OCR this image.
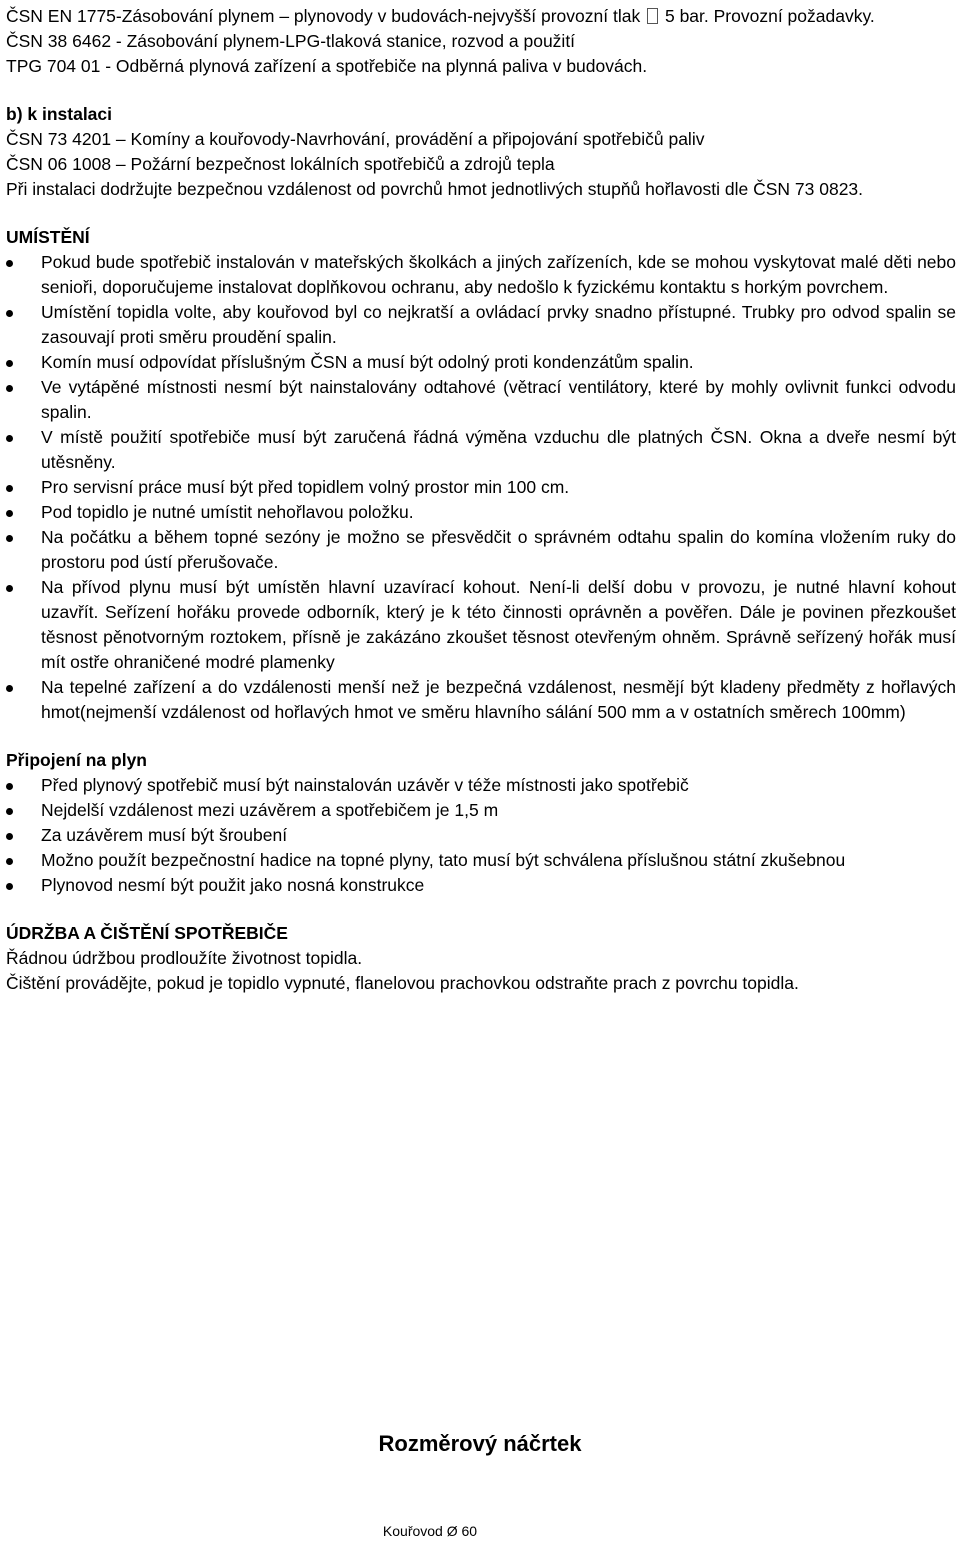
ČSN EN 1775-Zásobování plynem – plynovody v budovách-nejvyšší provozní tlak 5 bar. Provozní požadavky.

ČSN 38 6462 - Zásobování plynem-LPG-tlaková stanice, rozvod a použití

TPG 704 01 - Odběrná plynová zařízení a spotřebiče na plynná paliva v budovách.

b) k instalaci

ČSN 73 4201 – Komíny a kouřovody-Navrhování, provádění a připojování spotřebičů paliv

ČSN 06 1008 – Požární bezpečnost lokálních spotřebičů a zdrojů tepla

Při instalaci dodržujte bezpečnou vzdálenost od povrchů hmot jednotlivých stupňů hořlavosti dle ČSN 73 0823.

UMÍSTĚNÍ

Pokud bude spotřebič instalován v mateřských školkách a jiných zařízeních, kde se mohou vyskytovat malé děti nebo senioři, doporučujeme instalovat doplňkovou ochranu, aby nedošlo k fyzickému kontaktu s horkým povrchem.
Umístění topidla volte, aby kouřovod byl co nejkratší a ovládací prvky snadno přístupné. Trubky pro odvod spalin se zasouvají proti směru proudění spalin.
Komín musí odpovídat příslušným ČSN a musí být odolný proti kondenzátům spalin.
Ve vytápěné místnosti nesmí být nainstalovány odtahové (větrací ventilátory, které by mohly ovlivnit funkci odvodu spalin.
V místě použití spotřebiče musí být zaručená řádná výměna vzduchu dle platných ČSN. Okna a dveře nesmí být utěsněny.
Pro servisní práce musí být před topidlem volný prostor min 100 cm.
Pod topidlo je nutné umístit nehořlavou položku.
Na počátku a během topné sezóny je možno se přesvědčit o správném odtahu spalin do komína vložením ruky do prostoru pod ústí přerušovače.
Na přívod plynu musí být umístěn hlavní uzavírací kohout. Není-li delší dobu v provozu, je nutné hlavní kohout uzavřít. Seřízení hořáku provede odborník, který je k této činnosti oprávněn a pověřen. Dále je povinen přezkoušet těsnost pěnotvorným roztokem, přísně je zakázáno zkoušet těsnost otevřeným ohněm. Správně seřízený hořák musí mít ostře ohraničené modré plamenky
Na tepelné zařízení a do vzdálenosti menší než je bezpečná vzdálenost, nesmějí být kladeny předměty z hořlavých hmot(nejmenší vzdálenost od hořlavých hmot ve směru hlavního sálání 500 mm a v ostatních směrech 100mm)

Připojení na plyn

Před plynový spotřebič musí být nainstalován uzávěr v téže místnosti jako spotřebič
Nejdelší vzdálenost mezi uzávěrem a spotřebičem je 1,5 m
Za uzávěrem musí být šroubení
Možno použít bezpečnostní hadice na topné plyny, tato musí být schválena příslušnou státní zkušebnou
Plynovod nesmí být použit jako nosná konstrukce

ÚDRŽBA A ČIŠTĚNÍ SPOTŘEBIČE

Řádnou údržbou prodloužíte životnost topidla.

Čištění provádějte, pokud je topidlo vypnuté, flanelovou prachovkou odstraňte prach z povrchu topidla.

Rozměrový náčrtek
Kouřovod Ø 60
